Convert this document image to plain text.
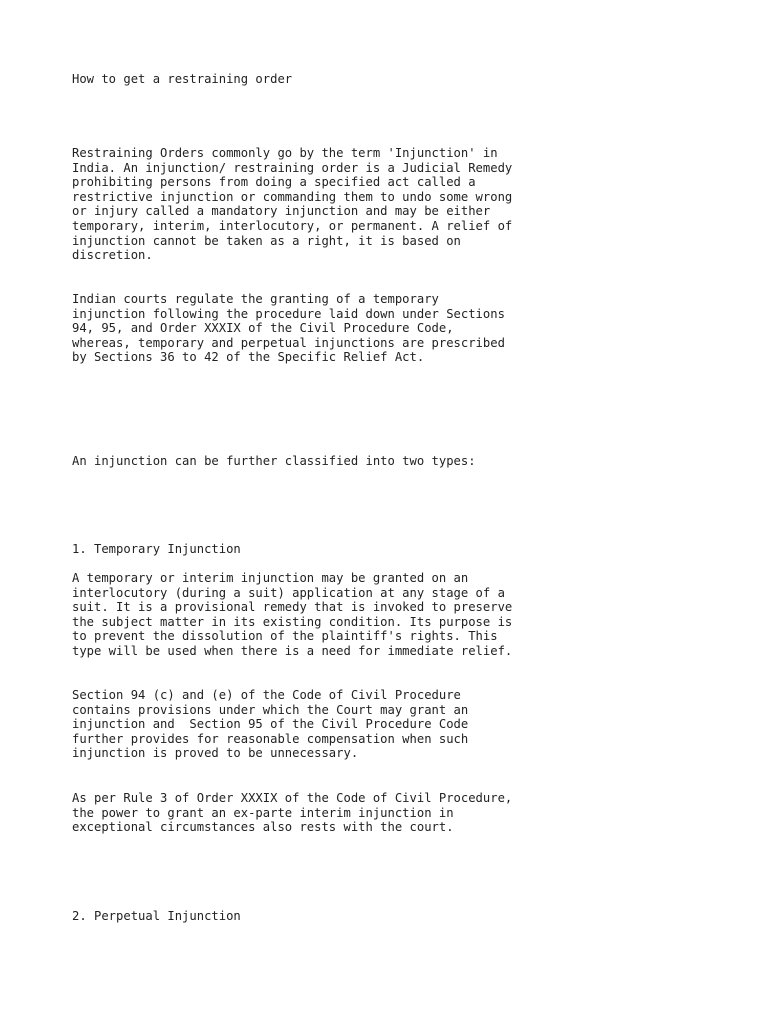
How to get a restraining order

Restraining Orders commonly go by the term 'Injunction' in

India. An injunction/ restraining order is a Judicial Remedy

prohibiting persons from doing a specified act called a

restrictive injunction or commanding them to undo some wrong

or injury called a mandatory injunction and may be either

temporary, interim, interlocutory, or permanent. A relief of

injunction cannot be taken as a right, it is based on

discretion.

Indian courts regulate the granting of a temporary

injunction following the procedure laid down under Sections

94, 95, and Order XXXIX of the Civil Procedure Code,

whereas, temporary and perpetual injunctions are prescribed

by Sections 36 to 42 of the Specific Relief Act.

An injunction can be further classified into two types:

1. Temporary Injunction

A temporary or interim injunction may be granted on an

interlocutory (during a suit) application at any stage of a

suit. It is a provisional remedy that is invoked to preserve

the subject matter in its existing condition. Its purpose is

to prevent the dissolution of the plaintiff's rights. This

type will be used when there is a need for immediate relief.

Section 94 (c) and (e) of the Code of Civil Procedure

contains provisions under which the Court may grant an

injunction and  Section 95 of the Civil Procedure Code

further provides for reasonable compensation when such

injunction is proved to be unnecessary.

As per Rule 3 of Order XXXIX of the Code of Civil Procedure,

the power to grant an ex-parte interim injunction in

exceptional circumstances also rests with the court.

2. Perpetual Injunction
